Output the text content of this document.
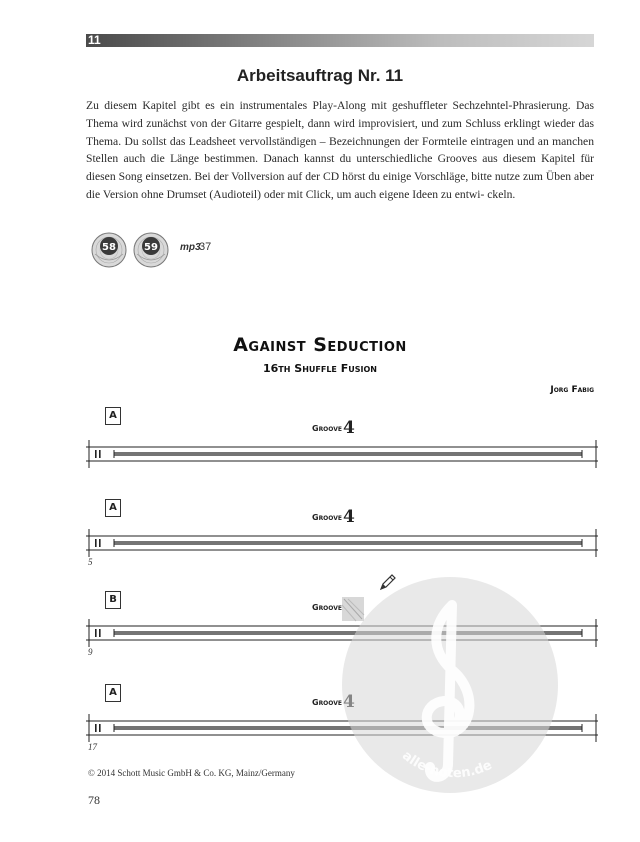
11
Arbeitsauftrag Nr. 11
Zu diesem Kapitel gibt es ein instrumentales Play-Along mit geshuffleter Sechzehntel-Phrasierung. Das Thema wird zunächst von der Gitarre gespielt, dann wird improvisiert, und zum Schluss erklingt wieder das Thema. Du sollst das Leadsheet vervollständigen – Bezeichnungen der Formteile eintragen und an manchen Stellen auch die Länge bestimmen. Danach kannst du unterschiedliche Grooves aus diesem Kapitel für diesen Song einsetzen. Bei der Vollversion auf der CD hörst du einige Vorschläge, bitte nutze zum Üben aber die Version ohne Drumset (Audioteil) oder mit Click, um auch eigene Ideen zu entwi- ckeln.
58	59 mp3
37
Against Seduction
16th Shuffle Fusion
Jorg Fabig
A
Groove 4
A
Groove 4
5
B
Groove
9
A
Groove
17
alle-noten.de
© 2014 Schott Music GmbH & Co. KG, Mainz/Germany
78
